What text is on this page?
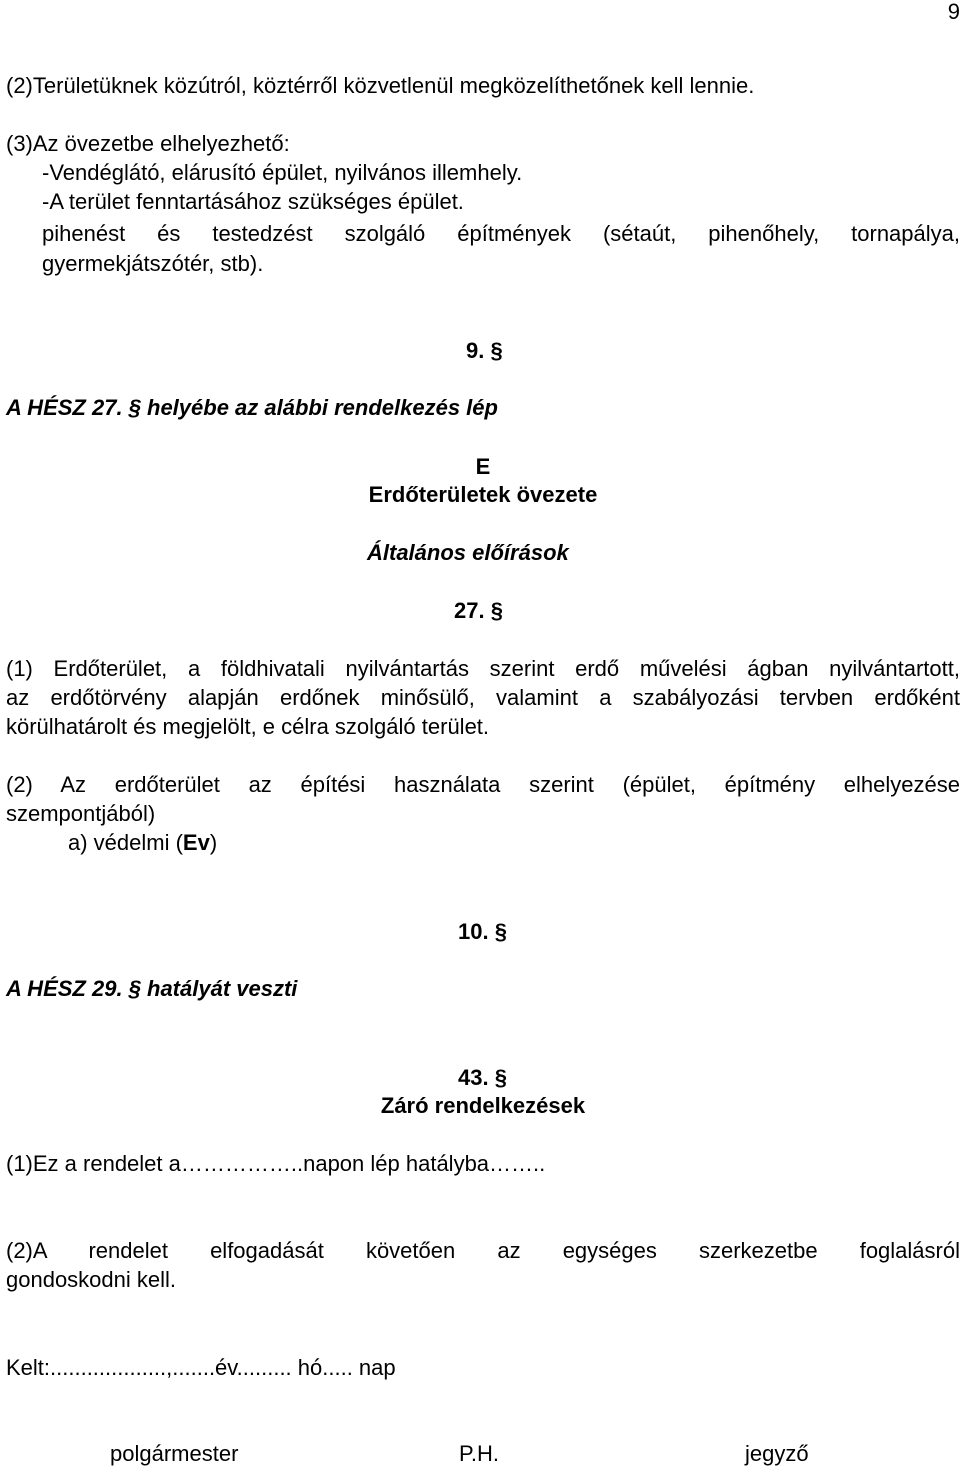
9
(2)Területüknek közútról, köztérről közvetlenül megközelíthetőnek kell lennie.
(3)Az övezetbe elhelyezhető:
-Vendéglátó, elárusító épület, nyilvános illemhely.
-A terület fenntartásához szükséges épület.
pihenést és testedzést szolgáló építmények (sétaút, pihenőhely, tornapálya,
gyermekjátszótér, stb).
9. §
A HÉSZ 27. § helyébe az alábbi rendelkezés lép
E
Erdőterületek övezete
Általános előírások
27. §
(1) Erdőterület, a földhivatali nyilvántartás szerint erdő művelési ágban nyilvántartott,
az erdőtörvény alapján erdőnek minősülő, valamint a szabályozási tervben erdőként
körülhatárolt és megjelölt, e célra szolgáló terület.
(2) Az erdőterület az építési használata szerint (épület, építmény elhelyezése
szempontjából)
a) védelmi (Ev)
10. §
A HÉSZ 29. § hatályát veszti
43. §
Záró rendelkezések
(1)Ez a rendelet a……………..napon lép hatályba……..
(2)A rendelet elfogadását követően az egységes szerkezetbe foglalásról
gondoskodni kell.
Kelt:...................,.......év......... hó..... nap
polgármester	P.H.	jegyző
